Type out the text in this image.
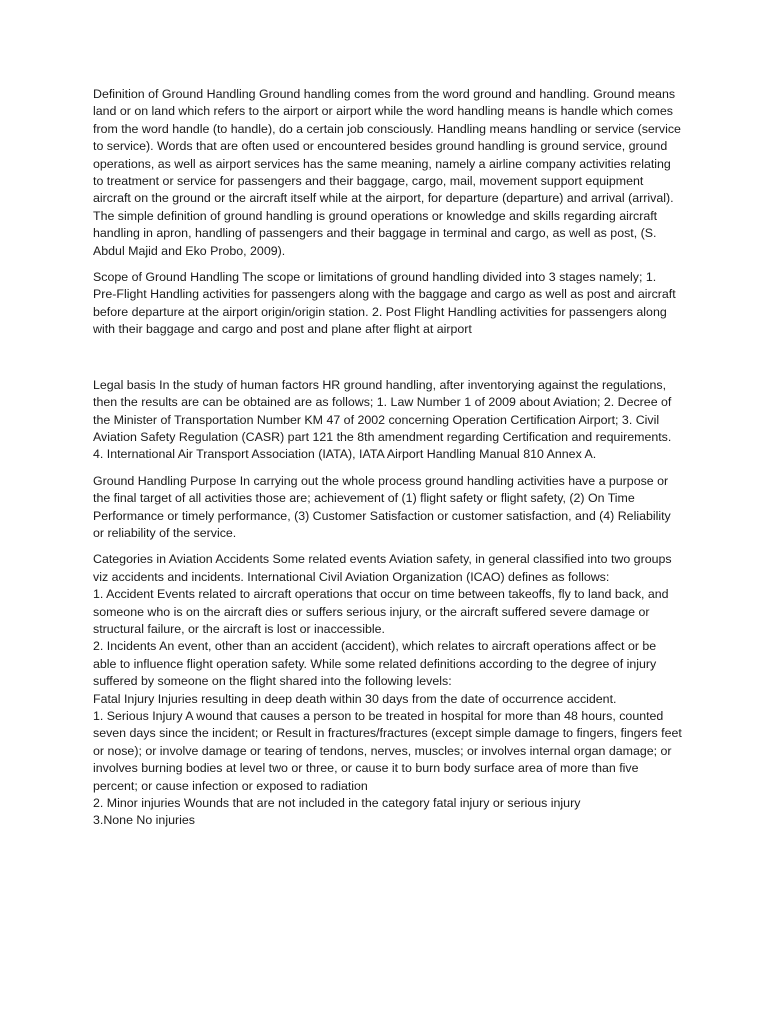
Definition of Ground Handling Ground handling comes from the word ground and handling. Ground means land or on land which refers to the airport or airport while the word handling means is handle which comes from the word handle (to handle), do a certain job consciously. Handling means handling or service (service to service). Words that are often used or encountered besides ground handling is ground service, ground operations, as well as airport services has the same meaning, namely a airline company activities relating to treatment or service for passengers and their baggage, cargo, mail, movement support equipment aircraft on the ground or the aircraft itself while at the airport, for departure (departure) and arrival (arrival). The simple definition of ground handling is ground operations or knowledge and skills regarding aircraft handling in apron, handling of passengers and their baggage in terminal and cargo, as well as post, (S. Abdul Majid and Eko Probo, 2009).

Scope of Ground Handling The scope or limitations of ground handling divided into 3 stages namely; 1. Pre-Flight Handling activities for passengers along with the baggage and cargo as well as post and aircraft before departure at the airport origin/origin station. 2. Post Flight Handling activities for passengers along with their baggage and cargo and post and plane after flight at airport

Legal basis In the study of human factors HR ground handling, after inventorying against the regulations, then the results are can be obtained are as follows; 1. Law Number 1 of 2009 about Aviation; 2. Decree of the Minister of Transportation Number KM 47 of 2002 concerning Operation Certification Airport; 3. Civil Aviation Safety Regulation (CASR) part 121 the 8th amendment regarding Certification and requirements. 4. International Air Transport Association (IATA), IATA Airport Handling Manual 810 Annex A.

Ground Handling Purpose In carrying out the whole process ground handling activities have a purpose or the final target of all activities those are; achievement of (1) flight safety or flight safety, (2) On Time Performance or timely performance, (3) Customer Satisfaction or customer satisfaction, and (4) Reliability or reliability of the service.

Categories in Aviation Accidents Some related events Aviation safety, in general classified into two groups viz accidents and incidents. International Civil Aviation Organization (ICAO) defines as follows:
1. Accident Events related to aircraft operations that occur on time between takeoffs, fly to land back, and someone who is on the aircraft dies or suffers serious injury, or the aircraft suffered severe damage or structural failure, or the aircraft is lost or inaccessible.
2. Incidents An event, other than an accident (accident), which relates to aircraft operations affect or be able to influence flight operation safety. While some related definitions according to the degree of injury suffered by someone on the flight shared into the following levels:
Fatal Injury Injuries resulting in deep death within 30 days from the date of occurrence accident.
1. Serious Injury A wound that causes a person to be treated in hospital for more than 48 hours, counted seven days since the incident; or Result in fractures/fractures (except simple damage to fingers, fingers feet or nose); or involve damage or tearing of tendons, nerves, muscles; or involves internal organ damage; or involves burning bodies at level two or three, or cause it to burn body surface area of more than five percent; or cause infection or exposed to radiation
2. Minor injuries Wounds that are not included in the category fatal injury or serious injury
3.None No injuries
